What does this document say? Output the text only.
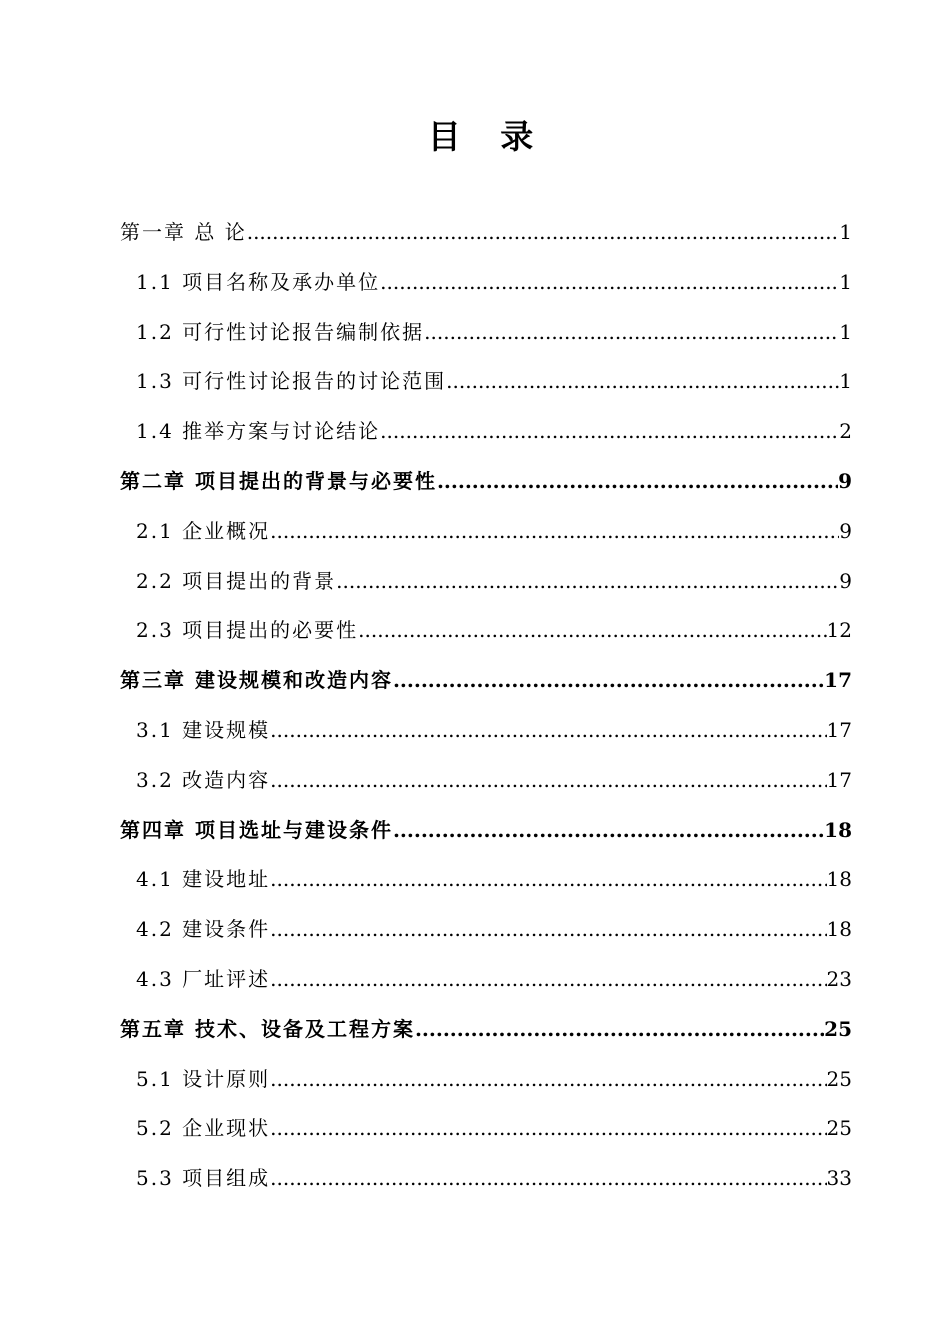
目 录
第一章 总 论 .....	1
1.1 项目名称及承办单位 .....	1
1.2 可行性讨论报告编制依据 .....	1
1.3 可行性讨论报告的讨论范围 .....	1
1.4 推举方案与讨论结论 .....	2
第二章 项目提出的背景与必要性 .....	9
2.1 企业概况 .....	9
2.2 项目提出的背景 .....	9
2.3 项目提出的必要性 .....	12
第三章 建设规模和改造内容 .....	17
3.1 建设规模 .....	17
3.2 改造内容 .....	17
第四章 项目选址与建设条件 .....	18
4.1 建设地址 .....	18
4.2 建设条件 .....	18
4.3 厂址评述 .....	23
第五章 技术、设备及工程方案 .....	25
5.1 设计原则 .....	25
5.2 企业现状 .....	25
5.3 项目组成 .....	33
